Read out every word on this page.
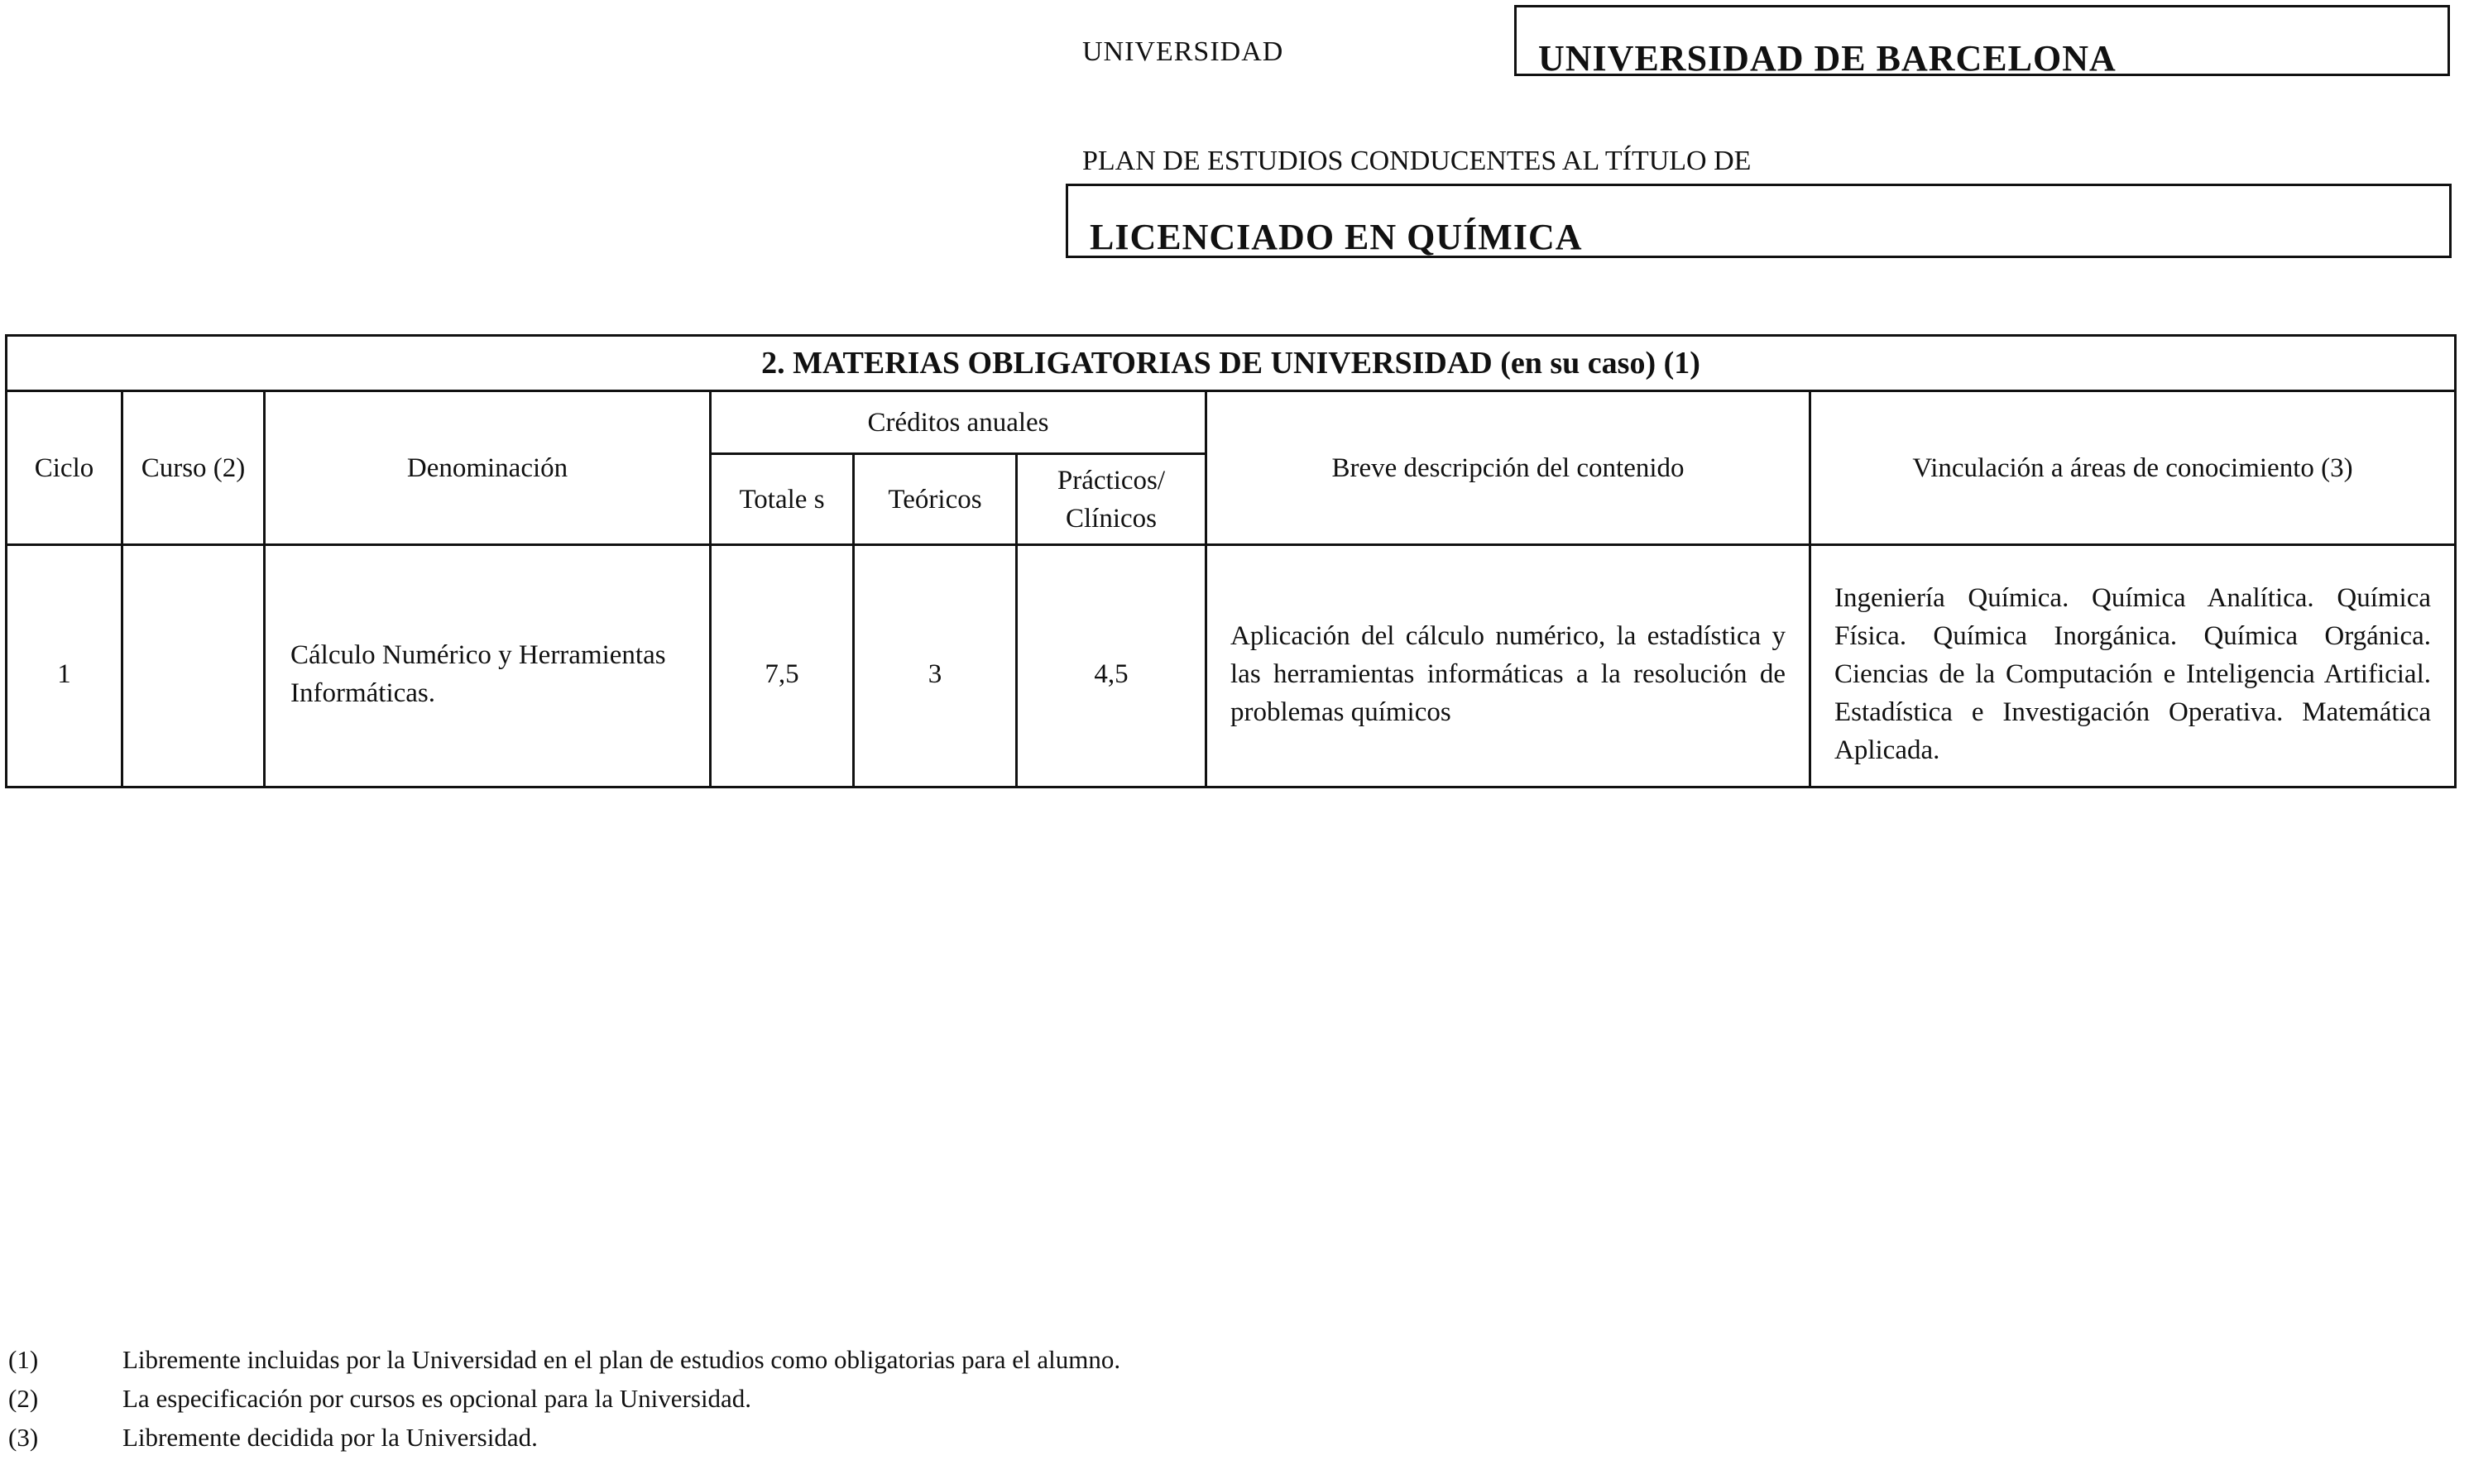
UNIVERSIDAD	UNIVERSIDAD DE BARCELONA
PLAN DE ESTUDIOS CONDUCENTES AL TÍTULO DE
LICENCIADO EN QUÍMICA
2. MATERIAS OBLIGATORIAS DE UNIVERSIDAD (en su caso) (1)							
Ciclo	Curso (2)	Denominación	Créditos anuales			Breve descripción del contenido	Vinculación a áreas de conocimiento (3)
			Totale s	Teóricos	Prácticos/ Clínicos		
1		Cálculo Numérico y Herramientas Informáticas.	7,5	3	4,5	Aplicación del cálculo numérico, la estadística y las herramientas informáticas a la resolución de problemas químicos	Ingeniería Química. Química Analítica. Química Física. Química Inorgánica. Química Orgánica. Ciencias de la Computación e Inteligencia Artificial. Estadística e Investigación Operativa. Matemática Aplicada.
(1)	Libremente incluidas por la Universidad en el plan de estudios como obligatorias para el alumno.
(2)	La especificación por cursos es opcional para la Universidad.
(3)	Libremente decidida por la Universidad.
